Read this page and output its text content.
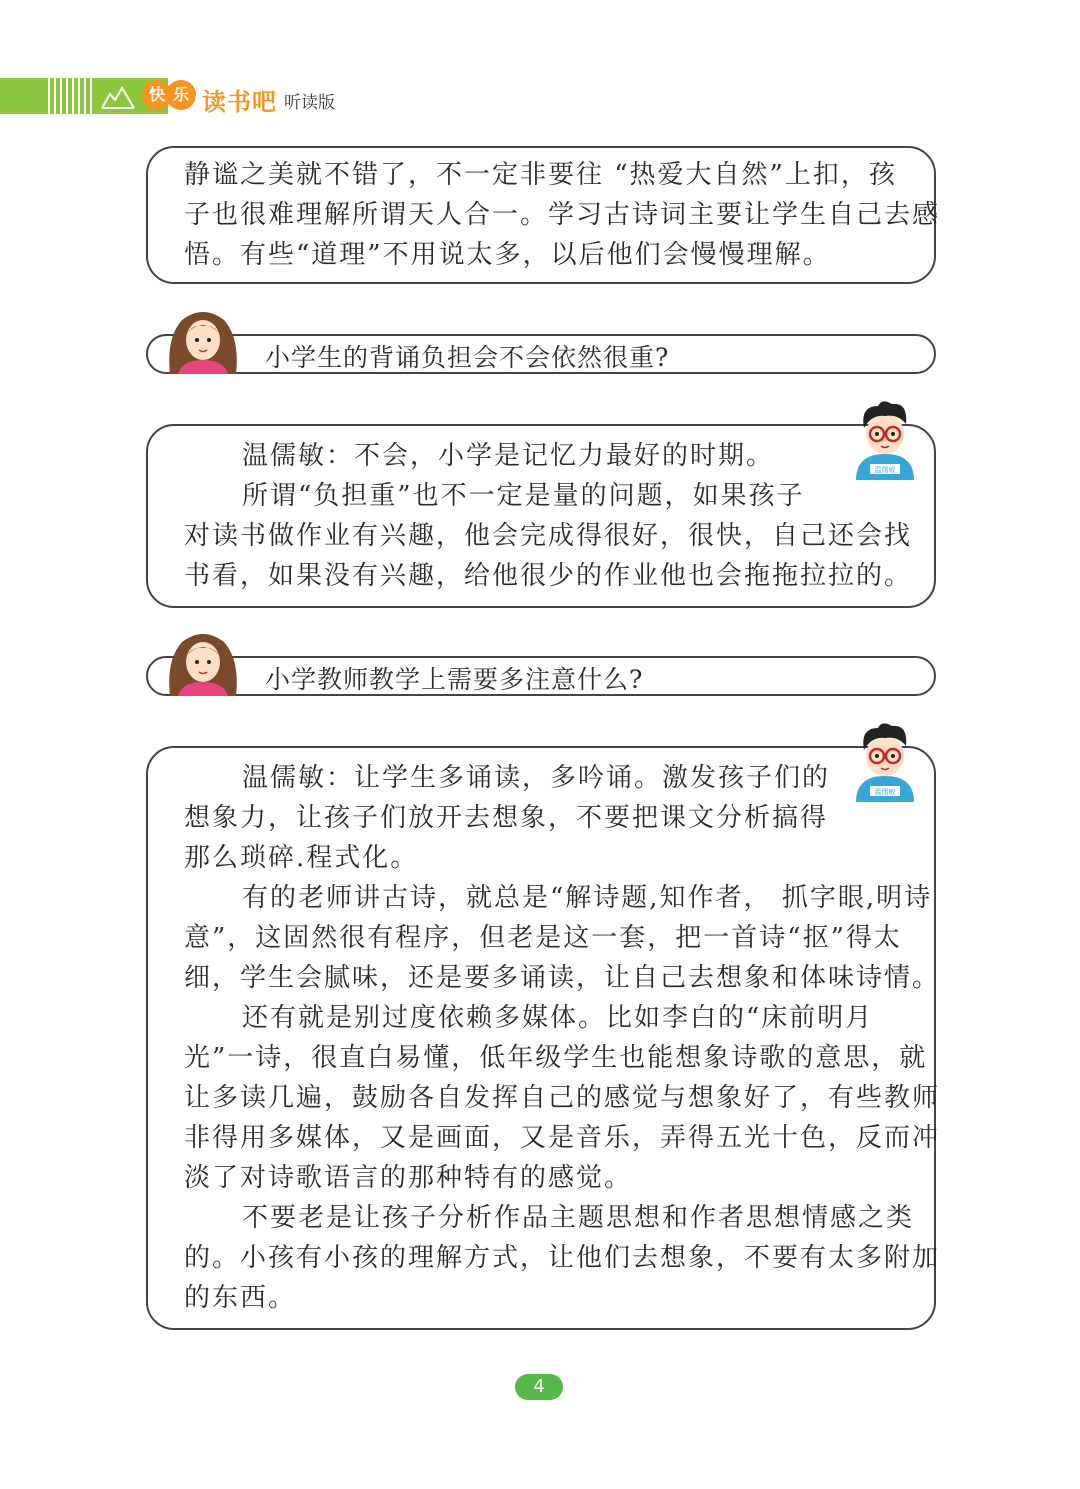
快 乐 读书吧 听读版

静谧之美就不错了，不一定非要往 “热爱大自然”上扣，孩

子也很难理解所谓天人合一。学习古诗词主要让学生自己去感

悟。有些“道理”不用说太多，以后他们会慢慢理解。

小学生的背诵负担会不会依然很重?
温儒敏

温儒敏：不会，小学是记忆力最好的时期。

所谓“负担重”也不一定是量的问题，如果孩子

对读书做作业有兴趣，他会完成得很好，很快，自己还会找

书看，如果没有兴趣，给他很少的作业他也会拖拖拉拉的。

小学教师教学上需要多注意什么?
温儒敏

温儒敏：让学生多诵读，多吟诵。激发孩子们的

想象力，让孩子们放开去想象，不要把课文分析搞得

那么琐碎.程式化。

有的老师讲古诗，就总是“解诗题,知作者， 抓字眼,明诗

意”，这固然很有程序，但老是这一套，把一首诗“抠”得太

细，学生会腻味，还是要多诵读，让自己去想象和体味诗情。

还有就是别过度依赖多媒体。比如李白的“床前明月

光”一诗，很直白易懂，低年级学生也能想象诗歌的意思，就

让多读几遍，鼓励各自发挥自己的感觉与想象好了，有些教师

非得用多媒体，又是画面，又是音乐，弄得五光十色，反而冲

淡了对诗歌语言的那种特有的感觉。

不要老是让孩子分析作品主题思想和作者思想情感之类

的。小孩有小孩的理解方式，让他们去想象，不要有太多附加

的东西。

4
